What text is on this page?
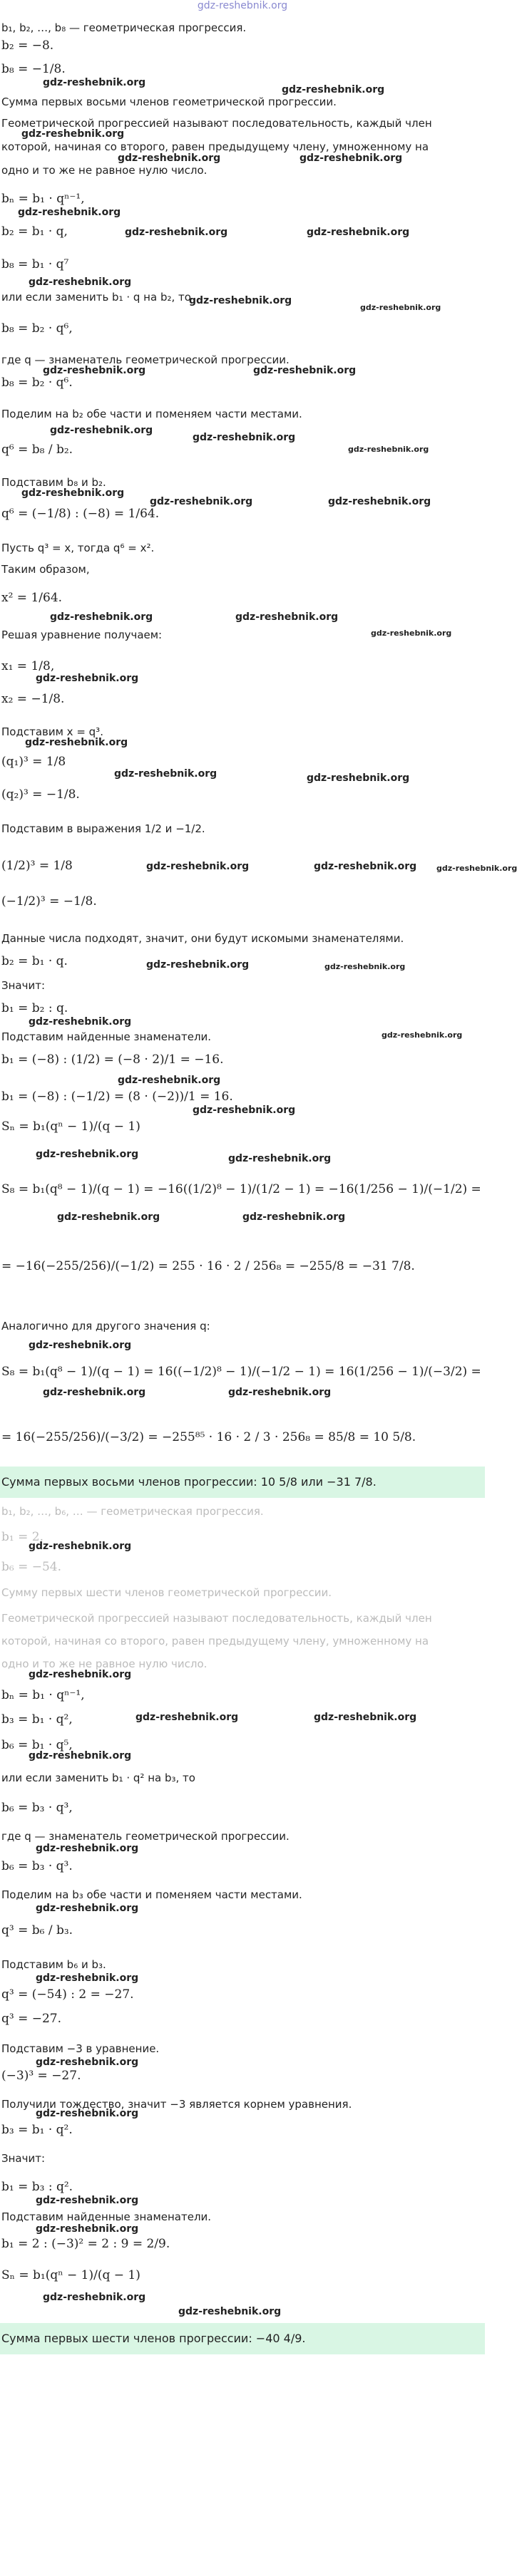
gdz-reshebnik.org
b₁, b₂, …, b₈ — геометрическая прогрессия.
b₂ = −8.
b₈ = −1/8.
gdz-reshebnik.org
Сумма первых восьми членов геометрической прогрессии.
gdz-reshebnik.org
Геометрической прогрессией называют последовательность, каждый член
gdz-reshebnik.org
которой, начиная со второго, равен предыдущему члену, умноженному на
gdz-reshebnik.org	gdz-reshebnik.org
одно и то же не равное нулю число.
bₙ = b₁ · qⁿ⁻¹,
gdz-reshebnik.org
b₂ = b₁ · q,	gdz-reshebnik.org	gdz-reshebnik.org
b₈ = b₁ · q⁷
gdz-reshebnik.org
или если заменить b₁ · q на b₂, то
gdz-reshebnik.org
gdz-reshebnik.org
b₈ = b₂ · q⁶,
где q — знаменатель геометрической прогрессии.
gdz-reshebnik.org	gdz-reshebnik.org
b₈ = b₂ · q⁶.
Поделим на b₂ обе части и поменяем части местами.
gdz-reshebnik.org
gdz-reshebnik.org
gdz-reshebnik.org
q⁶ = b₈ / b₂.
Подставим b₈ и b₂.
gdz-reshebnik.org
gdz-reshebnik.org	gdz-reshebnik.org
q⁶ = (−1/8) : (−8) = 1/64.
Пусть q³ = x, тогда q⁶ = x².
Таким образом,
x² = 1/64.
gdz-reshebnik.org	gdz-reshebnik.org
Решая уравнение получаем:	gdz-reshebnik.org
x₁ = 1/8,
gdz-reshebnik.org
x₂ = −1/8.
Подставим x = q³.
gdz-reshebnik.org
(q₁)³ = 1/8
gdz-reshebnik.org	gdz-reshebnik.org
(q₂)³ = −1/8.
Подставим в выражения 1/2 и −1/2.
(1/2)³ = 1/8	gdz-reshebnik.org	gdz-reshebnik.org	gdz-reshebnik.org
(−1/2)³ = −1/8.
Данные числа подходят, значит, они будут искомыми знаменателями.
b₂ = b₁ · q.	gdz-reshebnik.org	gdz-reshebnik.org
Значит:
b₁ = b₂ : q.
gdz-reshebnik.org
Подставим найденные знаменатели.	gdz-reshebnik.org
b₁ = (−8) : (1/2) = (−8 · 2)/1 = −16.
gdz-reshebnik.org
b₁ = (−8) : (−1/2) = (8 · (−2))/1 = 16.
gdz-reshebnik.org
Sₙ = b₁(qⁿ − 1)/(q − 1)
gdz-reshebnik.org	gdz-reshebnik.org
S₈ = b₁(q⁸ − 1)/(q − 1) = −16((1/2)⁸ − 1)/(1/2 − 1) = −16(1/256 − 1)/(−1/2) =
gdz-reshebnik.org	gdz-reshebnik.org
= −16(−255/256)/(−1/2) = 255 · 16 · 2 / 256₈ = −255/8 = −31 7/8.
Аналогично для другого значения q:
gdz-reshebnik.org
S₈ = b₁(q⁸ − 1)/(q − 1) = 16((−1/2)⁸ − 1)/(−1/2 − 1) = 16(1/256 − 1)/(−3/2) =
gdz-reshebnik.org	gdz-reshebnik.org
= 16(−255/256)/(−3/2) = −255⁸⁵ · 16 · 2 / 3 · 256₈ = 85/8 = 10 5/8.
Сумма первых восьми членов прогрессии: 10 5/8 или −31 7/8.
b₁, b₂, …, b₆, … — геометрическая прогрессия.
b₁ = 2.
gdz-reshebnik.org
b₆ = −54.
Сумму первых шести членов геометрической прогрессии.
Геометрической прогрессией называют последовательность, каждый член
которой, начиная со второго, равен предыдущему члену, умноженному на
одно и то же не равное нулю число.
gdz-reshebnik.org
bₙ = b₁ · qⁿ⁻¹,
b₃ = b₁ · q²,	gdz-reshebnik.org	gdz-reshebnik.org
b₆ = b₁ · q⁵,
gdz-reshebnik.org
или если заменить b₁ · q² на b₃, то
b₆ = b₃ · q³,
где q — знаменатель геометрической прогрессии.
gdz-reshebnik.org
b₆ = b₃ · q³.
Поделим на b₃ обе части и поменяем части местами.
gdz-reshebnik.org
q³ = b₆ / b₃.
Подставим b₆ и b₃.
gdz-reshebnik.org
q³ = (−54) : 2 = −27.
q³ = −27.
Подставим −3 в уравнение.
gdz-reshebnik.org
(−3)³ = −27.
Получили тождество, значит −3 является корнем уравнения.
gdz-reshebnik.org
b₃ = b₁ · q².
Значит:
b₁ = b₃ : q².
gdz-reshebnik.org
Подставим найденные знаменатели.
gdz-reshebnik.org
b₁ = 2 : (−3)² = 2 : 9 = 2/9.
Sₙ = b₁(qⁿ − 1)/(q − 1)
gdz-reshebnik.org
gdz-reshebnik.org
Сумма первых шести членов прогрессии: −40 4/9.
